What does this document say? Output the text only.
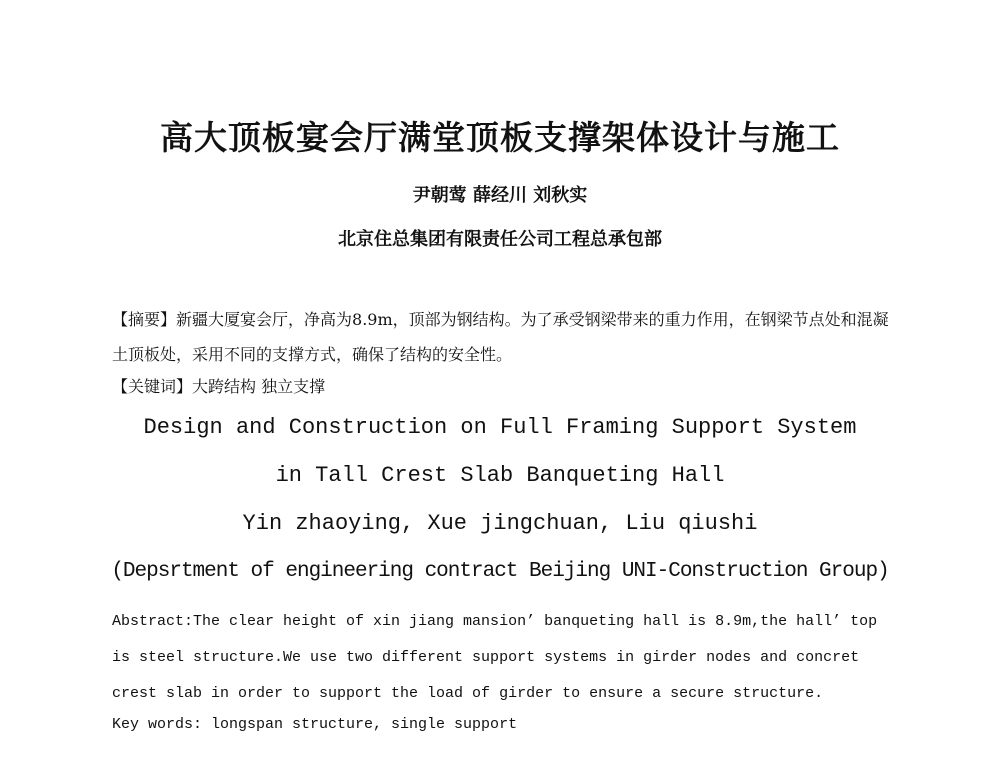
高大顶板宴会厅满堂顶板支撑架体设计与施工
尹朝莺 薛经川 刘秋实
北京住总集团有限责任公司工程总承包部
【摘要】新疆大厦宴会厅，净高为8.9m，顶部为钢结构。为了承受钢梁带来的重力作用，在钢梁节点处和混凝土顶板处，采用不同的支撑方式，确保了结构的安全性。
【关键词】大跨结构 独立支撑
Design and Construction on Full Framing Support System
in Tall Crest Slab Banqueting Hall
Yin zhaoying, Xue jingchuan, Liu qiushi
(Depsrtment of engineering contract Beijing UNI-Construction Group)
Abstract:The clear height of xin jiang mansion’ banqueting hall is 8.9m,the hall’ top is steel structure.We use two different support systems in girder nodes and concret crest slab in order to support the load of girder to ensure a secure structure.
Key words: longspan structure, single support
